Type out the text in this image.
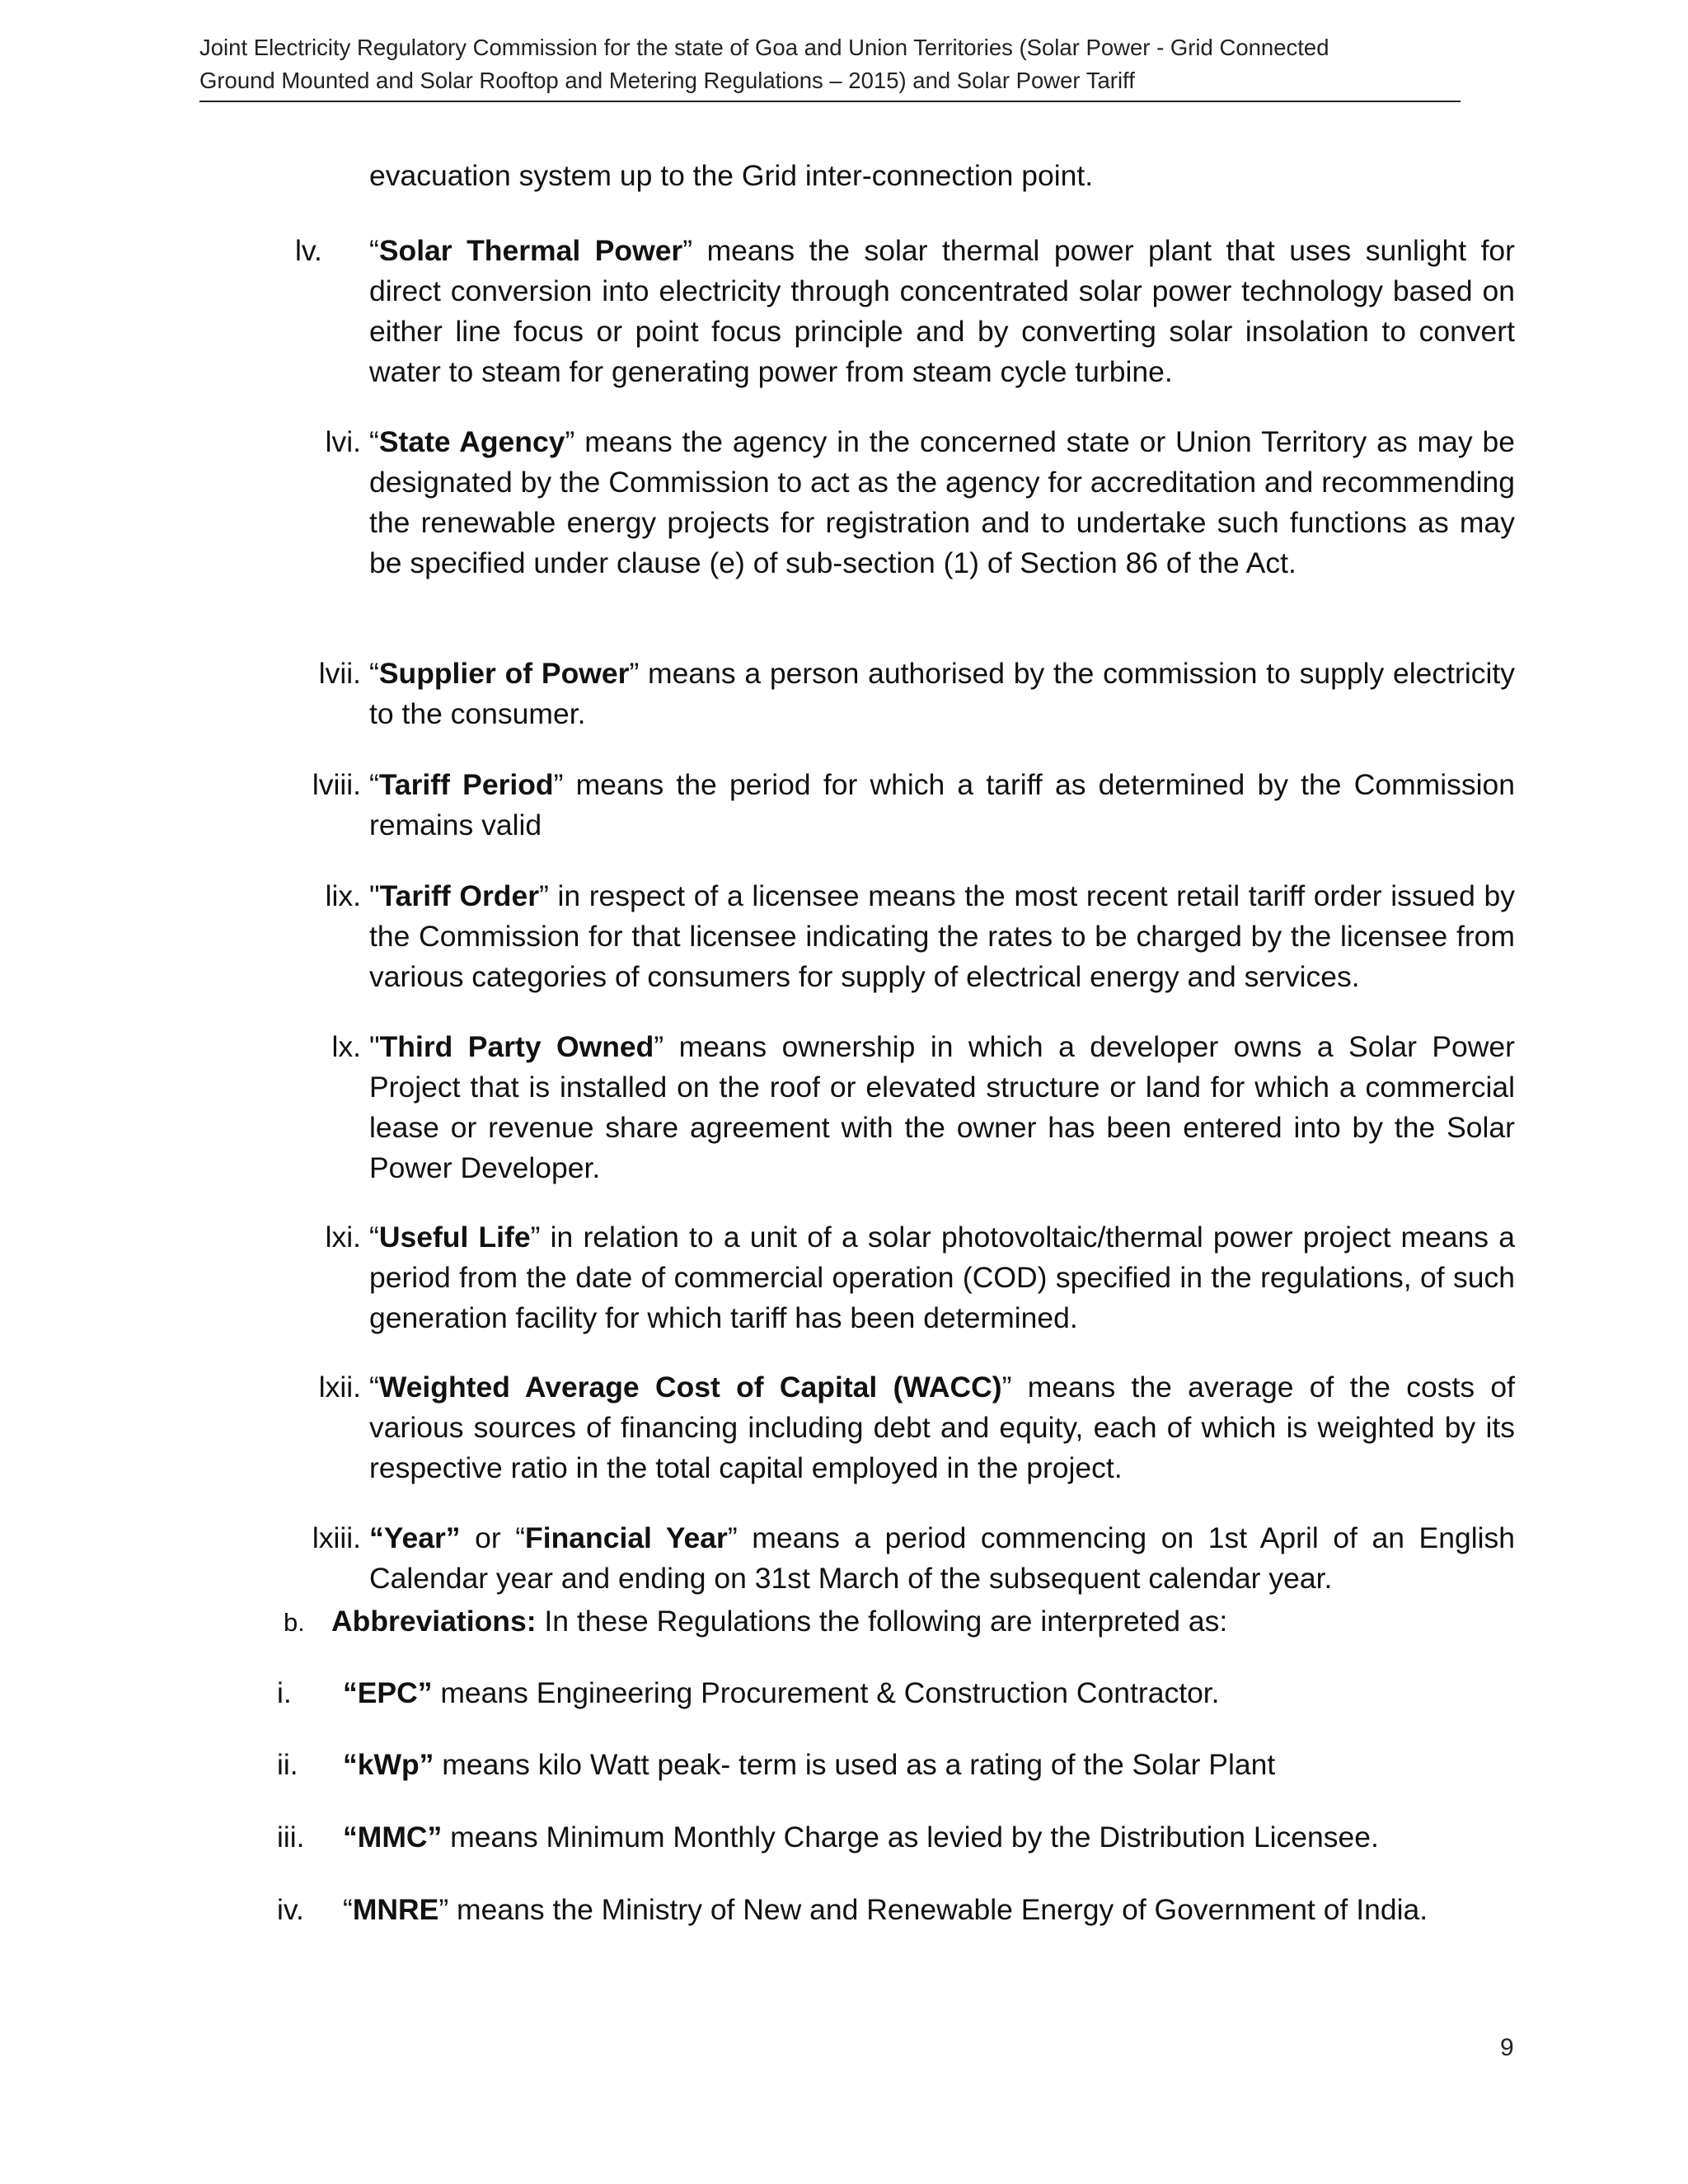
Joint Electricity Regulatory Commission for the state of Goa and Union Territories (Solar Power - Grid Connected
Ground Mounted and Solar Rooftop and Metering Regulations – 2015) and Solar Power Tariff
evacuation system up to the Grid inter-connection point.
lv.	“Solar Thermal Power” means the solar thermal power plant that uses sunlight for direct conversion into electricity through concentrated solar power technology based on either line focus or point focus principle and by converting solar insolation to convert water to steam for generating power from steam cycle turbine.
lvi. “State Agency” means the agency in the concerned state or Union Territory as may be designated by the Commission to act as the agency for accreditation and recommending the renewable energy projects for registration and to undertake such functions as may be specified under clause (e) of sub-section (1) of Section 86 of the Act.
lvii. “Supplier of Power” means a person authorised by the commission to supply electricity to the consumer.
lviii. “Tariff Period” means the period for which a tariff as determined by the Commission remains valid
lix. "Tariff Order” in respect of a licensee means the most recent retail tariff order issued by the Commission for that licensee indicating the rates to be charged by the licensee from various categories of consumers for supply of electrical energy and services.
lx. "Third Party Owned” means ownership in which a developer owns a Solar Power Project that is installed on the roof or elevated structure or land for which a commercial lease or revenue share agreement with the owner has been entered into by the Solar Power Developer.
lxi. “Useful Life” in relation to a unit of a solar photovoltaic/thermal power project means a period from the date of commercial operation (COD) specified in the regulations, of such generation facility for which tariff has been determined.
lxii. “Weighted Average Cost of Capital (WACC)” means the average of the costs of various sources of financing including debt and equity, each of which is weighted by its respective ratio in the total capital employed in the project.
lxiii. “Year” or “Financial Year” means a period commencing on 1st April of an English Calendar year and ending on 31st March of the subsequent calendar year.
b. Abbreviations: In these Regulations the following are interpreted as:
i.	“EPC” means Engineering Procurement & Construction Contractor.
ii.	“kWp” means kilo Watt peak- term is used as a rating of the Solar Plant
iii.	“MMC” means Minimum Monthly Charge as levied by the Distribution Licensee.
iv.	“MNRE” means the Ministry of New and Renewable Energy of Government of India.
9
